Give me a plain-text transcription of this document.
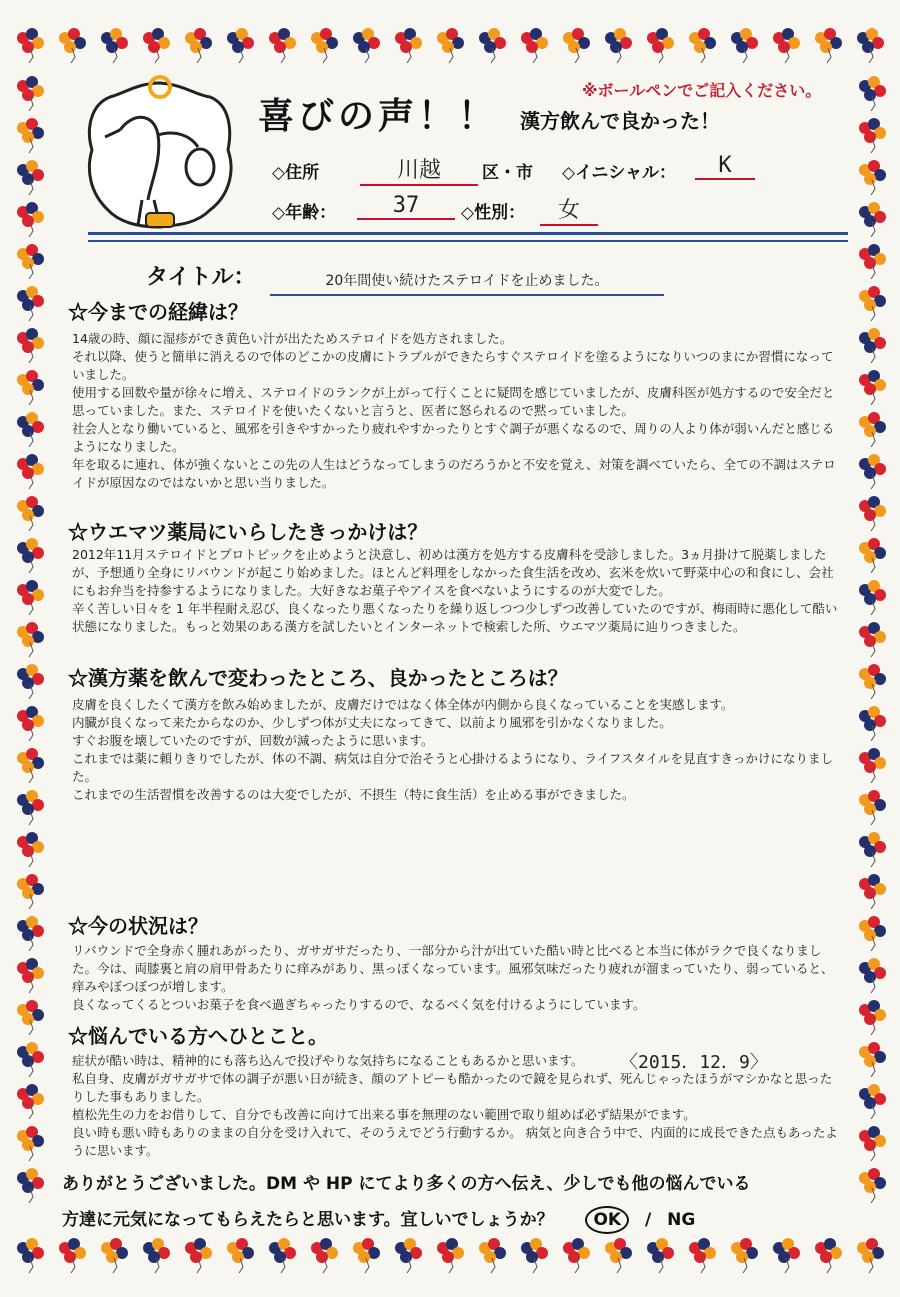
喜びの声！！ 漢方飲んで良かった！
※ボールペンでご記入ください。
◇住所	川越	区・市 ◇イニシャル：	K
◇年齢：	37	◇性別：	女
タイトル：	20年間使い続けたステロイドを止めました。
☆今までの経緯は？

14歳の時、顔に湿疹ができ黄色い汁が出たためステロイドを処方されました。

それ以降、使うと簡単に消えるので体のどこかの皮膚にトラブルができたらすぐステロイドを塗るようになりいつのまにか習慣になっていました。

使用する回数や量が徐々に増え、ステロイドのランクが上がって行くことに疑問を感じていましたが、皮膚科医が処方するので安全だと思っていました。また、ステロイドを使いたくないと言うと、医者に怒られるので黙っていました。

社会人となり働いていると、風邪を引きやすかったり疲れやすかったりとすぐ調子が悪くなるので、周りの人より体が弱いんだと感じるようになりました。

年を取るに連れ、体が強くないとこの先の人生はどうなってしまうのだろうかと不安を覚え、対策を調べていたら、全ての不調はステロイドが原因なのではないかと思い当りました。

☆ウエマツ薬局にいらしたきっかけは？

2012年11月ステロイドとプロトピックを止めようと決意し、初めは漢方を処方する皮膚科を受診しました。3ヵ月掛けて脱薬しましたが、予想通り全身にリバウンドが起こり始めました。ほとんど料理をしなかった食生活を改め、玄米を炊いて野菜中心の和食にし、会社にもお弁当を持参するようになりました。大好きなお菓子やアイスを食べないようにするのが大変でした。

辛く苦しい日々を 1 年半程耐え忍び、良くなったり悪くなったりを繰り返しつつ少しずつ改善していたのですが、梅雨時に悪化して酷い状態になりました。もっと効果のある漢方を試したいとインターネットで検索した所、ウエマツ薬局に辿りつきました。

☆漢方薬を飲んで変わったところ、良かったところは？

皮膚を良くしたくて漢方を飲み始めましたが、皮膚だけではなく体全体が内側から良くなっていることを実感します。

内臓が良くなって来たからなのか、少しずつ体が丈夫になってきて、以前より風邪を引かなくなりました。

すぐお腹を壊していたのですが、回数が減ったように思います。

これまでは薬に頼りきりでしたが、体の不調、病気は自分で治そうと心掛けるようになり、ライフスタイルを見直すきっかけになりました。

これまでの生活習慣を改善するのは大変でしたが、不摂生（特に食生活）を止める事ができました。

☆今の状況は？

リバウンドで全身赤く腫れあがったり、ガサガサだったり、一部分から汁が出ていた酷い時と比べると本当に体がラクで良くなりました。今は、両膝裏と肩の肩甲骨あたりに痒みがあり、黒っぽくなっています。風邪気味だったり疲れが溜まっていたり、弱っていると、痒みやぼつぼつが増します。

良くなってくるとついお菓子を食べ過ぎちゃったりするので、なるべく気を付けるようにしています。

☆悩んでいる方へひとこと。
〈2015．12．9〉

症状が酷い時は、精神的にも落ち込んで投げやりな気持ちになることもあるかと思います。

私自身、皮膚がガサガサで体の調子が悪い日が続き、顔のアトピーも酷かったので鏡を見られず、死んじゃったほうがマシかなと思ったりした事もありました。

植松先生の力をお借りして、自分でも改善に向けて出来る事を無理のない範囲で取り組めば必ず結果がでます。

良い時も悪い時もありのままの自分を受け入れて、そのうえでどう行動するか。 病気と向き合う中で、内面的に成長できた点もあったように思います。

ありがとうございました。DM や HP にてより多くの方へ伝え、少しでも他の悩んでいる
方達に元気になってもらえたらと思います。宜しいでしょうか？ OK / NG
